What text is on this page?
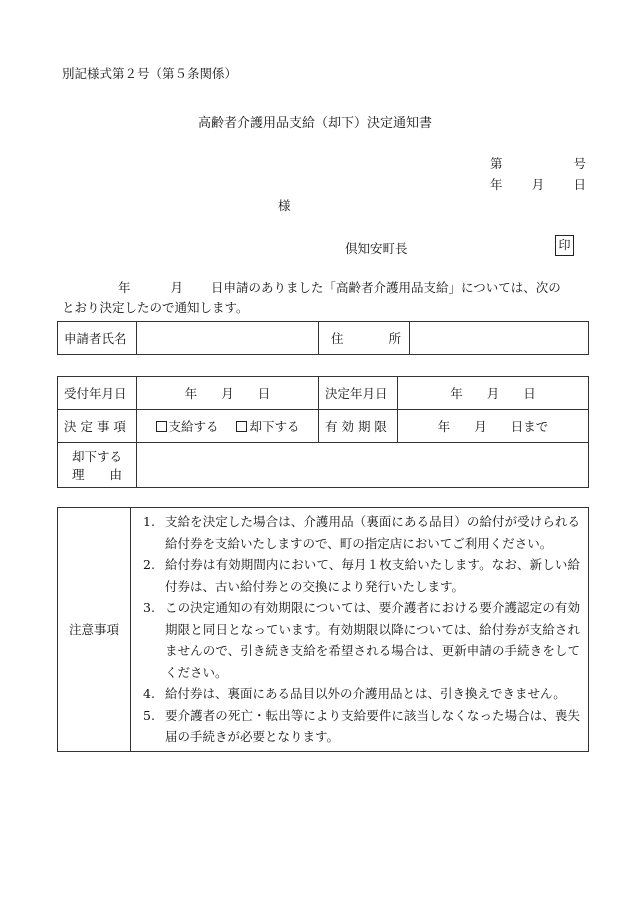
別記様式第２号（第５条関係）
高齢者介護用品支給（却下）決定通知書
第	号
年 月 日
様
倶知安町長	印
年	月 日申請のありました「高齢者介護用品支給」については、次の
とおり決定したので通知します。
申請者氏名		住	所

受付年月日	年 月 日	決定年月日	年 月 日

決 定 事 項	支給する 却下する	有 効 期 限	年 月 日まで

却下する
理 由			

注意事項	
1. 支給を決定した場合は、介護用品（裏面にある品目）の給付が受けられる給付券を支給いたしますので、町の指定店においてご利用ください。
2. 給付券は有効期間内において、毎月１枚支給いたします。なお、新しい給付券は、古い給付券との交換により発行いたします。
3. この決定通知の有効期限については、要介護者における要介護認定の有効期限と同日となっています。有効期限以降については、給付券が支給されませんので、引き続き支給を希望される場合は、更新申請の手続きをしてください。
4. 給付券は、裏面にある品目以外の介護用品とは、引き換えできません。
5. 要介護者の死亡・転出等により支給要件に該当しなくなった場合は、喪失届の手続きが必要となります。
